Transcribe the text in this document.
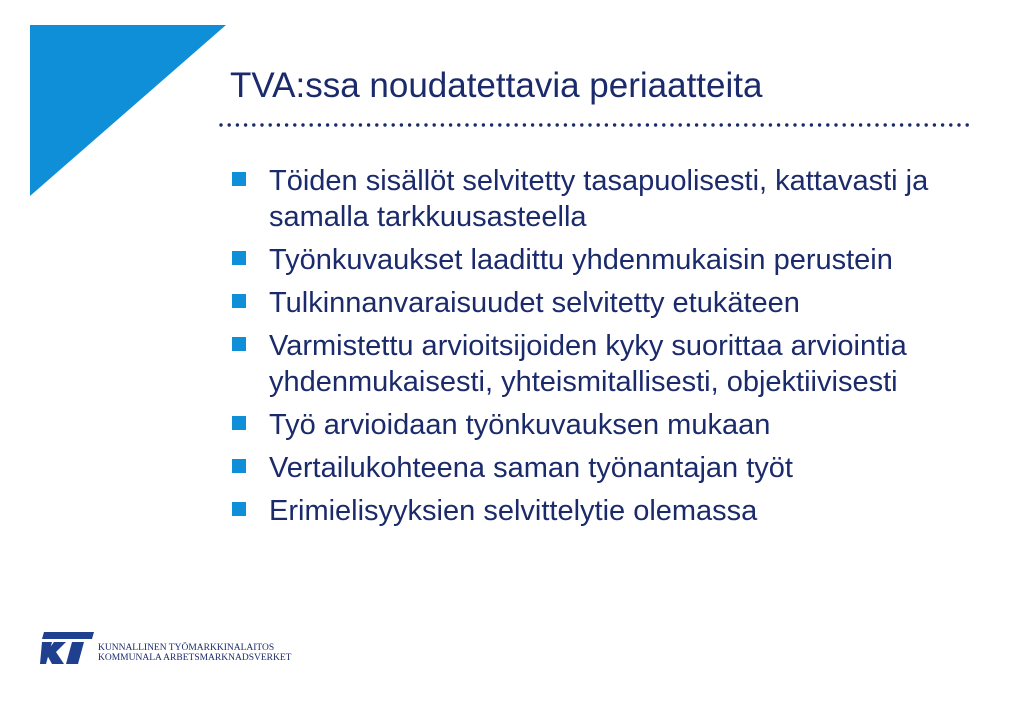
TVA:ssa noudatettavia periaatteita
Töiden sisällöt selvitetty tasapuolisesti, kattavasti ja samalla tarkkuusasteella
Työnkuvaukset laadittu yhdenmukaisin perustein
Tulkinnanvaraisuudet selvitetty etukäteen
Varmistettu arvioitsijoiden kyky suorittaa arviointia yhdenmukaisesti, yhteismitallisesti, objektiivisesti
Työ arvioidaan työnkuvauksen mukaan
Vertailukohteena saman työnantajan työt
Erimielisyyksien selvittelytie olemassa
KUNNALLINEN TYÖMARKKINALAITOS
KOMMUNALA ARBETSMARKNADSVERKET
